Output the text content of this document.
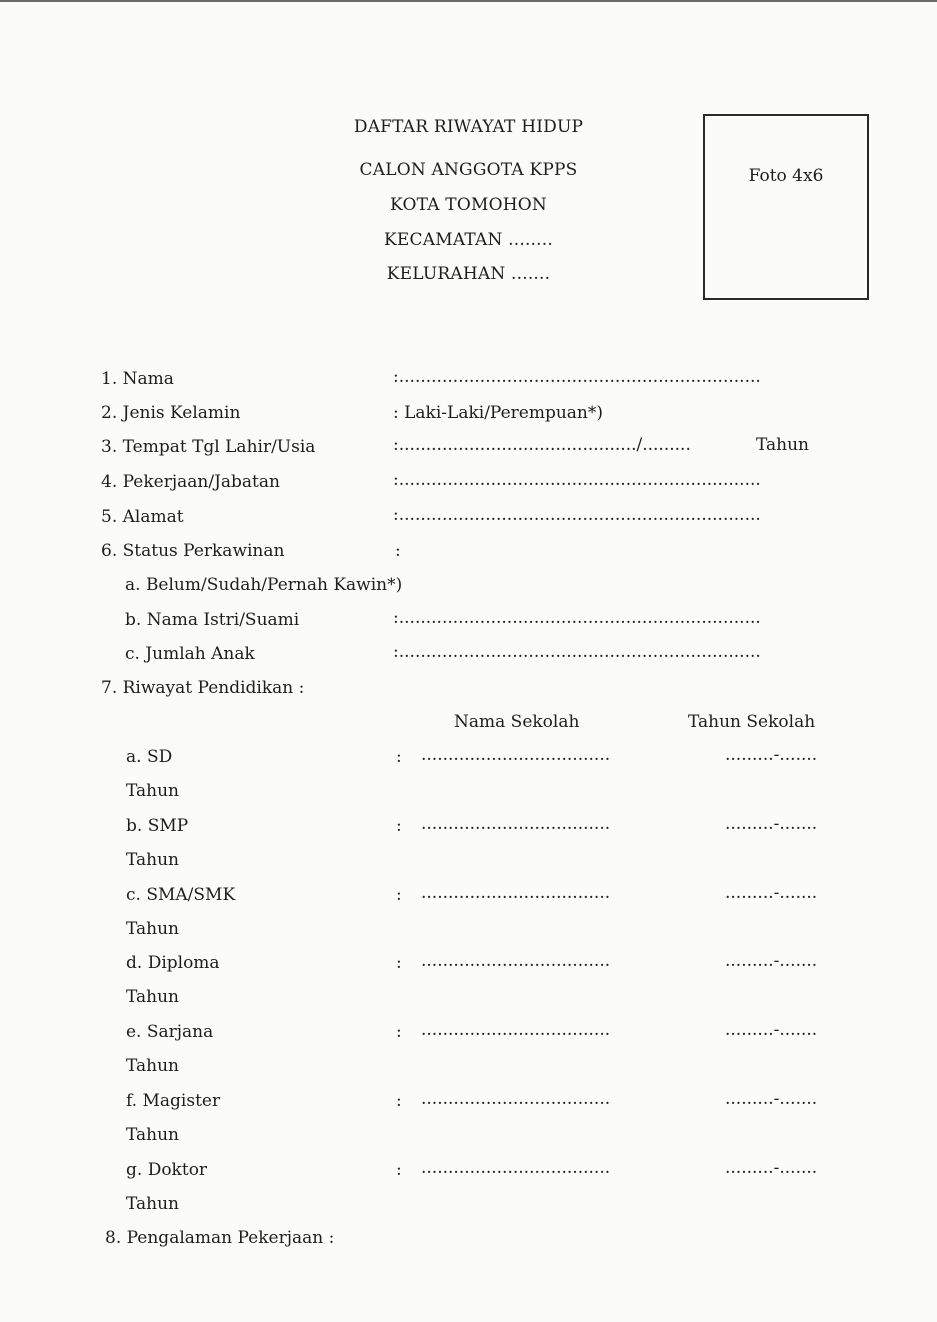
DAFTAR RIWAYAT HIDUP
CALON ANGGOTA KPPS
KOTA TOMOHON
KECAMATAN ........
KELURAHAN .......
Foto 4x6
1. Nama	:...................................................................
2. Jenis Kelamin	: Laki-Laki/Perempuan*)
3. Tempat Tgl Lahir/Usia	:............................................/.........	Tahun
4. Pekerjaan/Jabatan	:...................................................................
5. Alamat	:...................................................................
6. Status Perkawinan	:
a. Belum/Sudah/Pernah Kawin*)
b. Nama Istri/Suami	:...................................................................
c. Jumlah Anak	:...................................................................
7. Riwayat Pendidikan :
Nama Sekolah	Tahun Sekolah
a. SD	: ...................................	.........-.......
Tahun
b. SMP	: ...................................	.........-.......
Tahun
c. SMA/SMK	: ...................................	.........-.......
Tahun
d. Diploma	: ...................................	.........-.......
Tahun
e. Sarjana	: ...................................	.........-.......
Tahun
f. Magister	: ...................................	.........-.......
Tahun
g. Doktor	: ...................................	.........-.......
Tahun
8. Pengalaman Pekerjaan :
